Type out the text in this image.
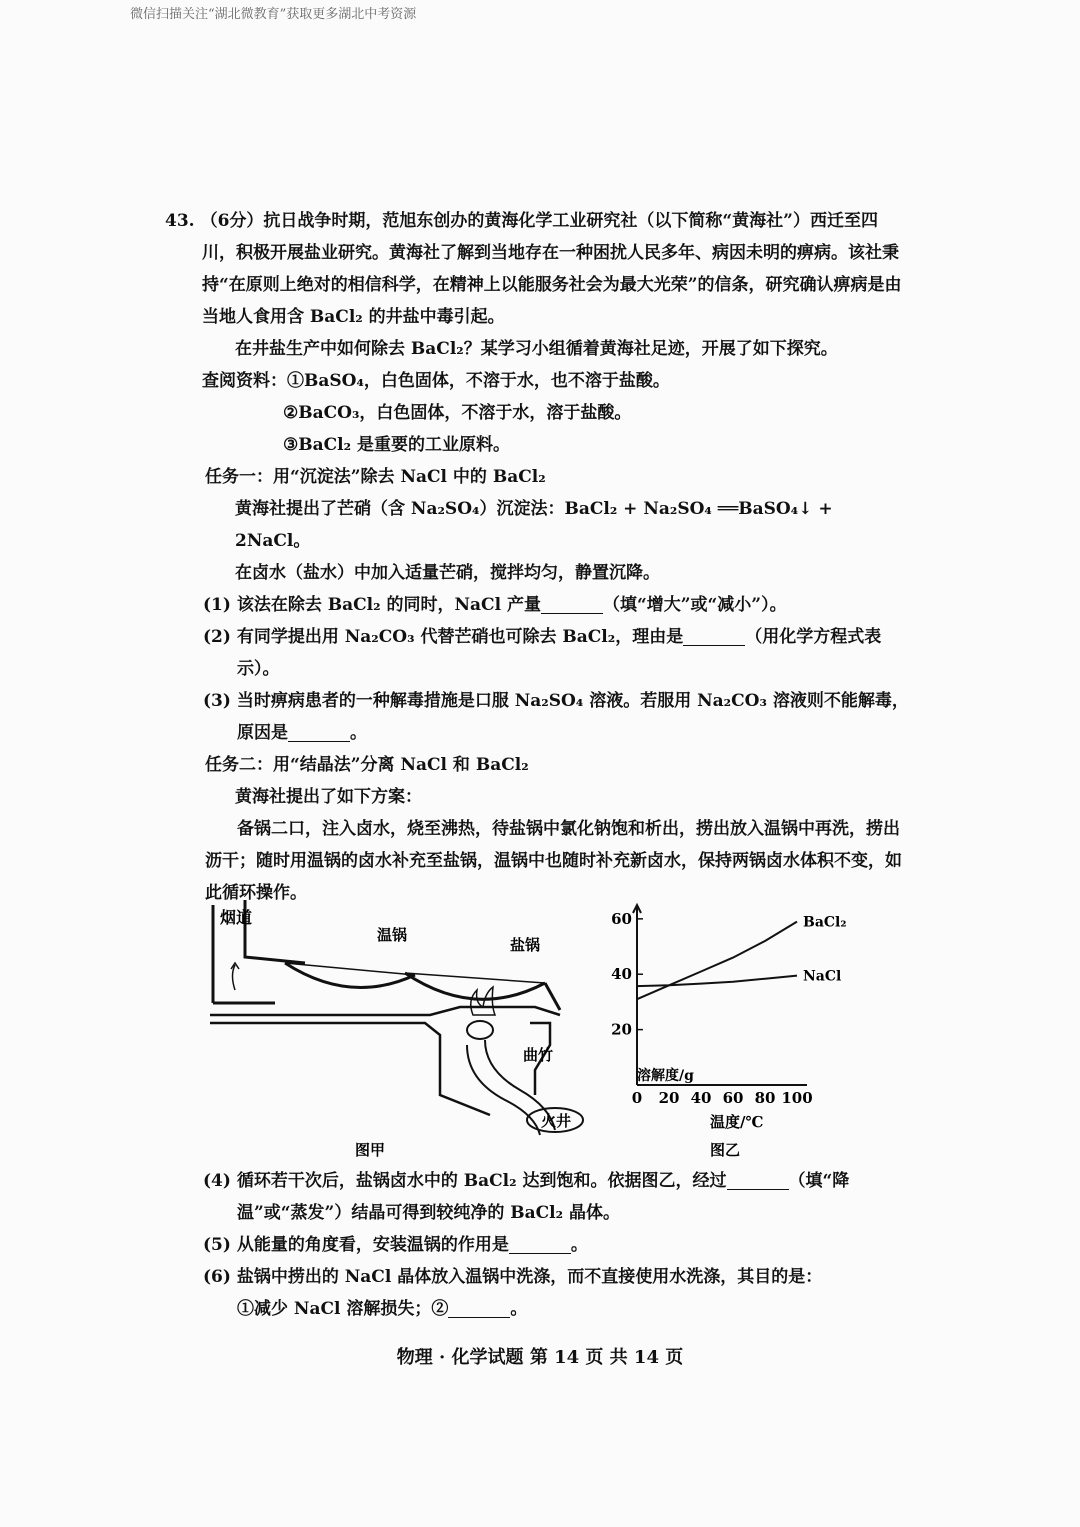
微信扫描关注“湖北微教育”获取更多湖北中考资源

43. （6分）抗日战争时期，范旭东创办的黄海化学工业研究社（以下简称“黄海社”）西迁至四川，积极开展盐业研究。黄海社了解到当地存在一种困扰人民多年、病因未明的痹病。该社秉持“在原则上绝对的相信科学，在精神上以能服务社会为最大光荣”的信条，研究确认痹病是由当地人食用含 BaCl₂ 的井盐中毒引起。

在井盐生产中如何除去 BaCl₂？某学习小组循着黄海社足迹，开展了如下探究。

查阅资料：①BaSO₄，白色固体，不溶于水，也不溶于盐酸。

②BaCO₃，白色固体，不溶于水，溶于盐酸。

③BaCl₂ 是重要的工业原料。

任务一：用“沉淀法”除去 NaCl 中的 BaCl₂

黄海社提出了芒硝（含 Na₂SO₄）沉淀法：BaCl₂ + Na₂SO₄ ══BaSO₄↓ + 2NaCl。

在卤水（盐水）中加入适量芒硝，搅拌均匀，静置沉降。

(1) 该法在除去 BaCl₂ 的同时，NaCl 产量	（填“增大”或“减小”）。

(2) 有同学提出用 Na₂CO₃ 代替芒硝也可除去 BaCl₂，理由是	（用化学方程式表示）。

(3) 当时痹病患者的一种解毒措施是口服 Na₂SO₄ 溶液。若服用 Na₂CO₃ 溶液则不能解毒，原因是	。

任务二：用“结晶法”分离 NaCl 和 BaCl₂

黄海社提出了如下方案：

备锅二口，注入卤水，烧至沸热，待盐锅中氯化钠饱和析出，捞出放入温锅中再洗，捞出沥干；随时用温锅的卤水补充至盐锅，温锅中也随时补充新卤水，保持两锅卤水体积不变，如此循环操作。

烟道
温锅
盐锅
曲竹
火井
图甲
20
40
60
0 20 40 60 80 100
BaCl₂
NaCl
溶解度/g
温度/℃
图乙

(4) 循环若干次后，盐锅卤水中的 BaCl₂ 达到饱和。依据图乙，经过	（填“降温”或“蒸发”）结晶可得到较纯净的 BaCl₂ 晶体。

(5) 从能量的角度看，安装温锅的作用是	。

(6) 盐锅中捞出的 NaCl 晶体放入温锅中洗涤，而不直接使用水洗涤，其目的是：

①减少 NaCl 溶解损失；②	。

物理 · 化学试题 第 14 页 共 14 页
